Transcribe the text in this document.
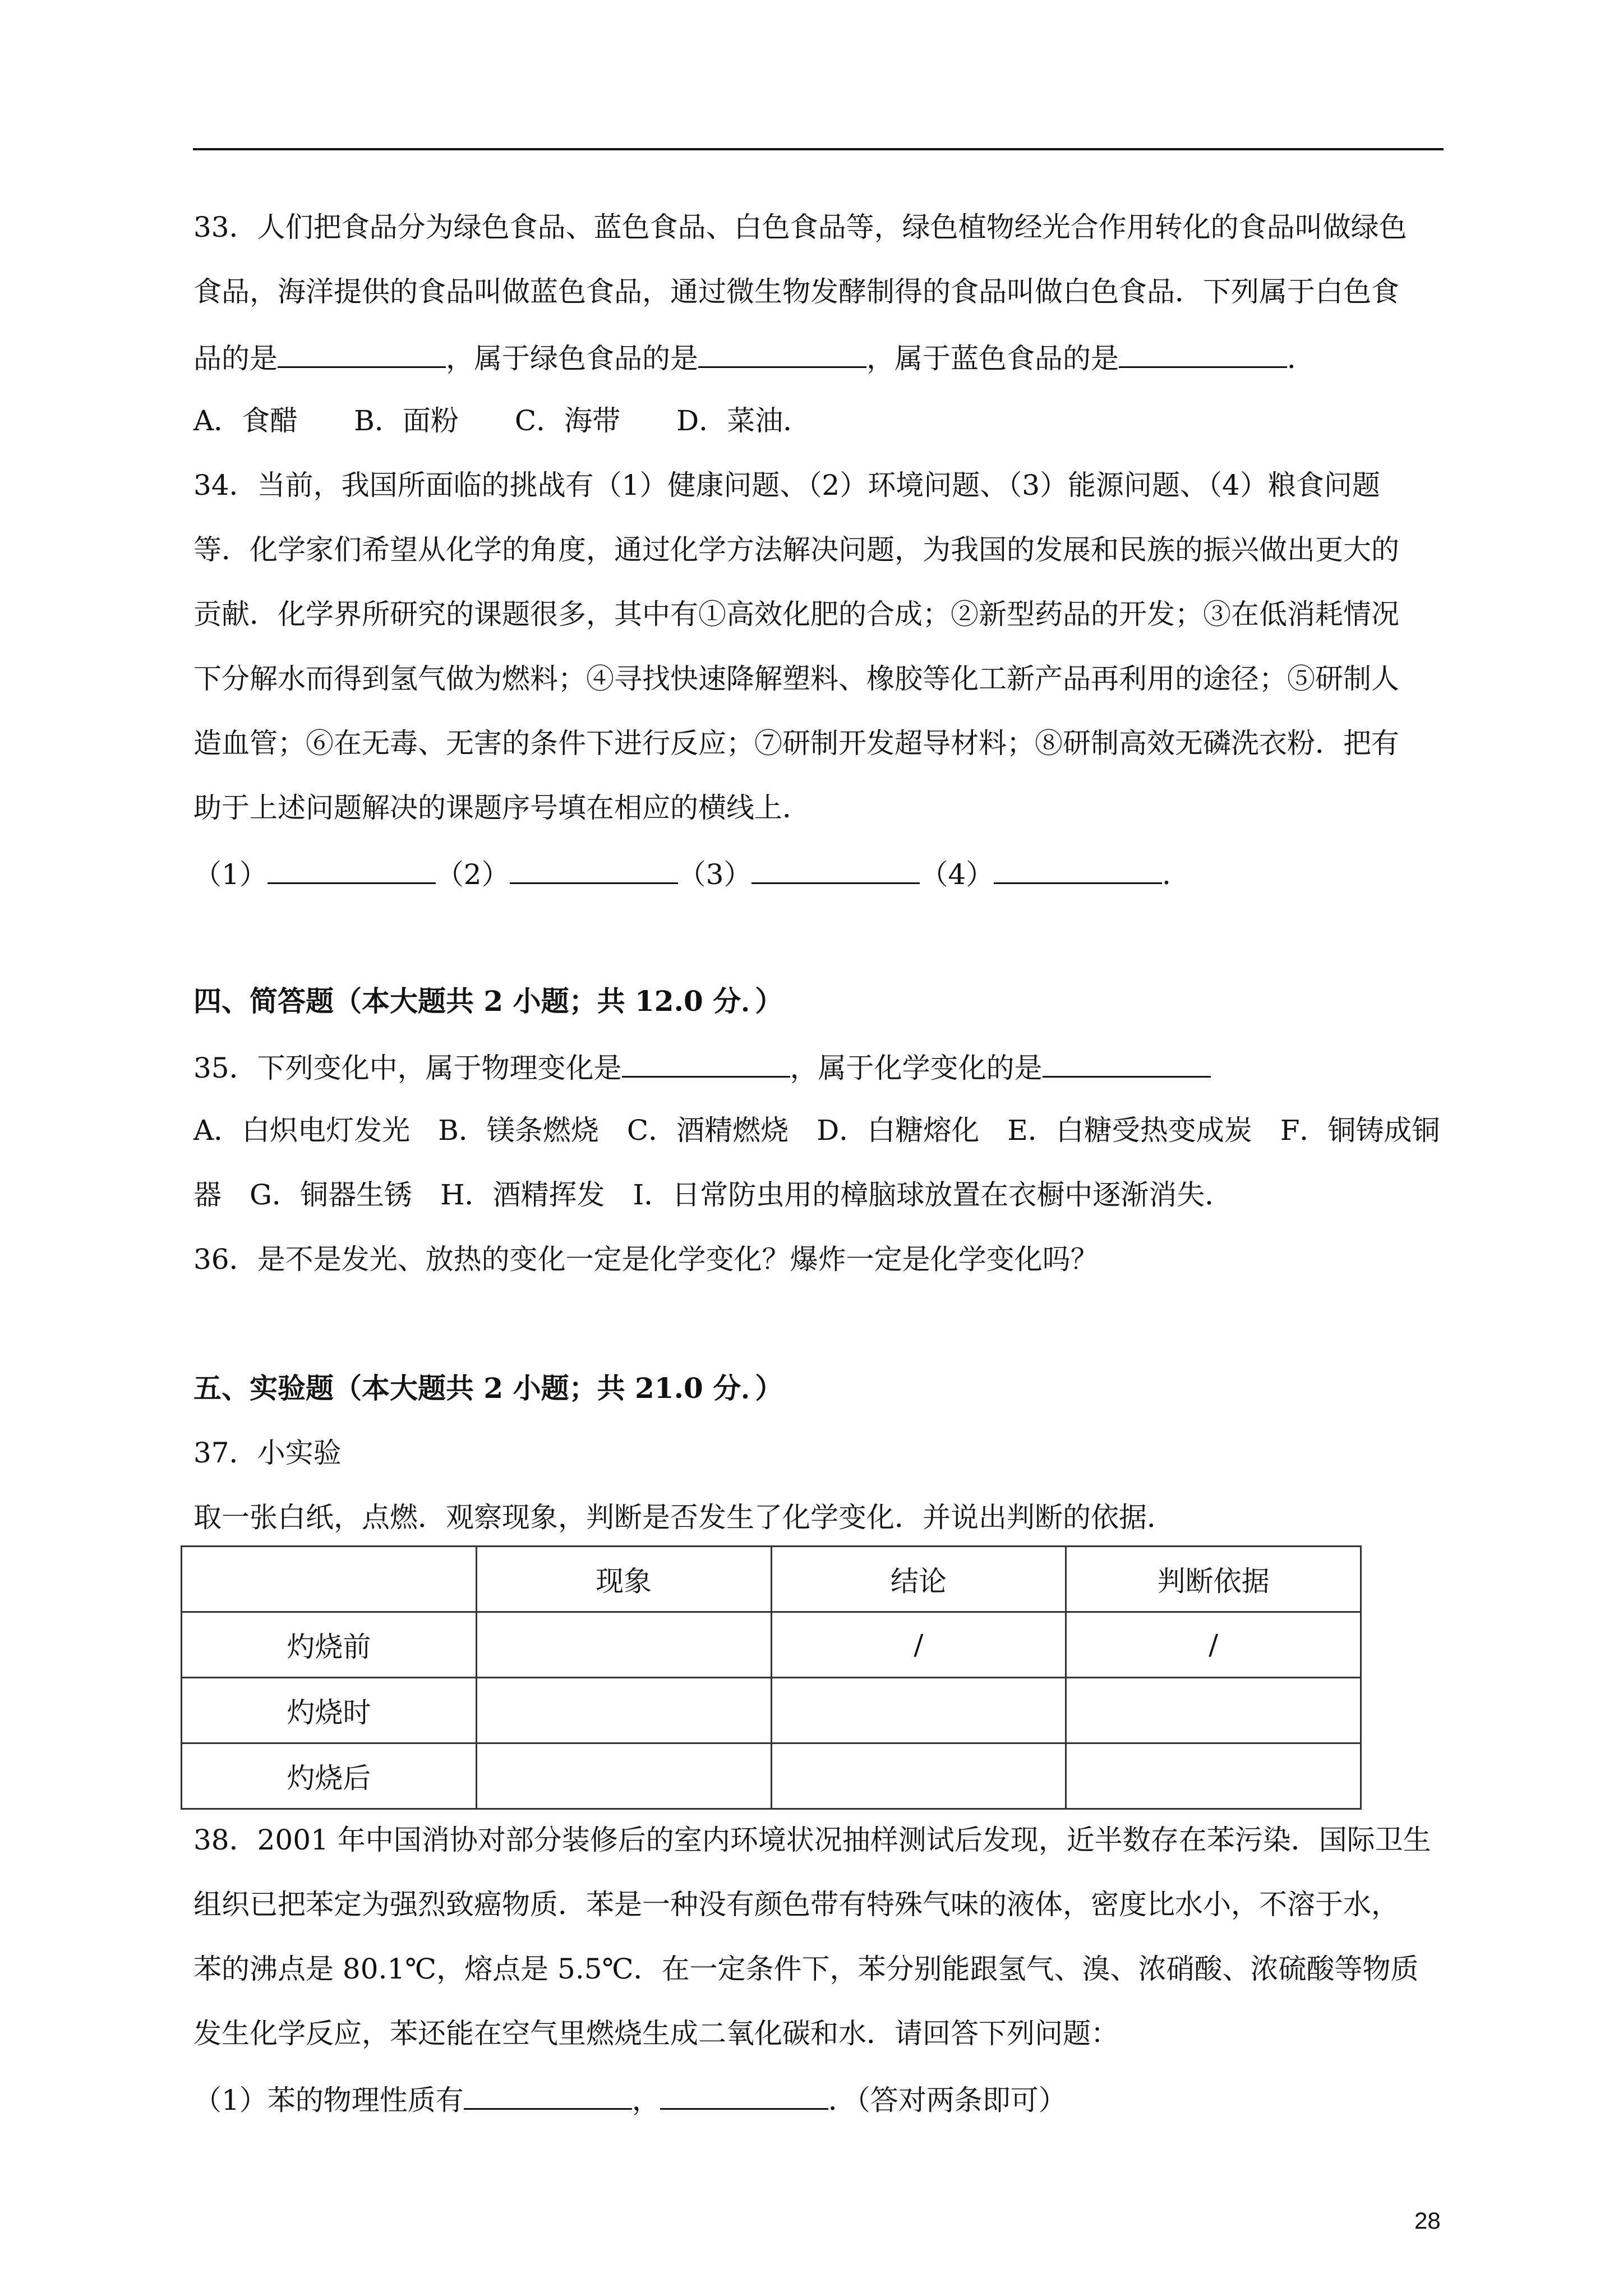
33．人们把食品分为绿色食品、蓝色食品、白色食品等，绿色植物经光合作用转化的食品叫做绿色
食品，海洋提供的食品叫做蓝色食品，通过微生物发酵制得的食品叫做白色食品．下列属于白色食
品的是	，属于绿色食品的是	，属于蓝色食品的是	．
A．食醋 B．面粉 C．海带 D．菜油．
34．当前，我国所面临的挑战有（1）健康问题、（2）环境问题、（3）能源问题、（4）粮食问题
等．化学家们希望从化学的角度，通过化学方法解决问题，为我国的发展和民族的振兴做出更大的
贡献．化学界所研究的课题很多，其中有①高效化肥的合成；②新型药品的开发；③在低消耗情况
下分解水而得到氢气做为燃料；④寻找快速降解塑料、橡胶等化工新产品再利用的途径；⑤研制人
造血管；⑥在无毒、无害的条件下进行反应；⑦研制开发超导材料；⑧研制高效无磷洗衣粉．把有
助于上述问题解决的课题序号填在相应的横线上．
（1）	（2）	（3）	（4）	．
四、简答题（本大题共 2 小题；共 12.0 分．）
35．下列变化中，属于物理变化是	，属于化学变化的是
A．白炽电灯发光　B．镁条燃烧　C．酒精燃烧　D．白糖熔化　E．白糖受热变成炭　F．铜铸成铜
器　G．铜器生锈　H．酒精挥发　I．日常防虫用的樟脑球放置在衣橱中逐渐消失．
36．是不是发光、放热的变化一定是化学变化？爆炸一定是化学变化吗？
五、实验题（本大题共 2 小题；共 21.0 分．）
37．小实验
取一张白纸，点燃．观察现象，判断是否发生了化学变化．并说出判断的依据．
	现象	结论	判断依据
灼烧前		/	/
灼烧时			
灼烧后			
38．2001 年中国消协对部分装修后的室内环境状况抽样测试后发现，近半数存在苯污染．国际卫生
组织已把苯定为强烈致癌物质．苯是一种没有颜色带有特殊气味的液体，密度比水小，不溶于水，
苯的沸点是 80.1℃，熔点是 5.5℃．在一定条件下，苯分别能跟氢气、溴、浓硝酸、浓硫酸等物质
发生化学反应，苯还能在空气里燃烧生成二氧化碳和水．请回答下列问题：
（1）苯的物理性质有	，	．（答对两条即可）
28
